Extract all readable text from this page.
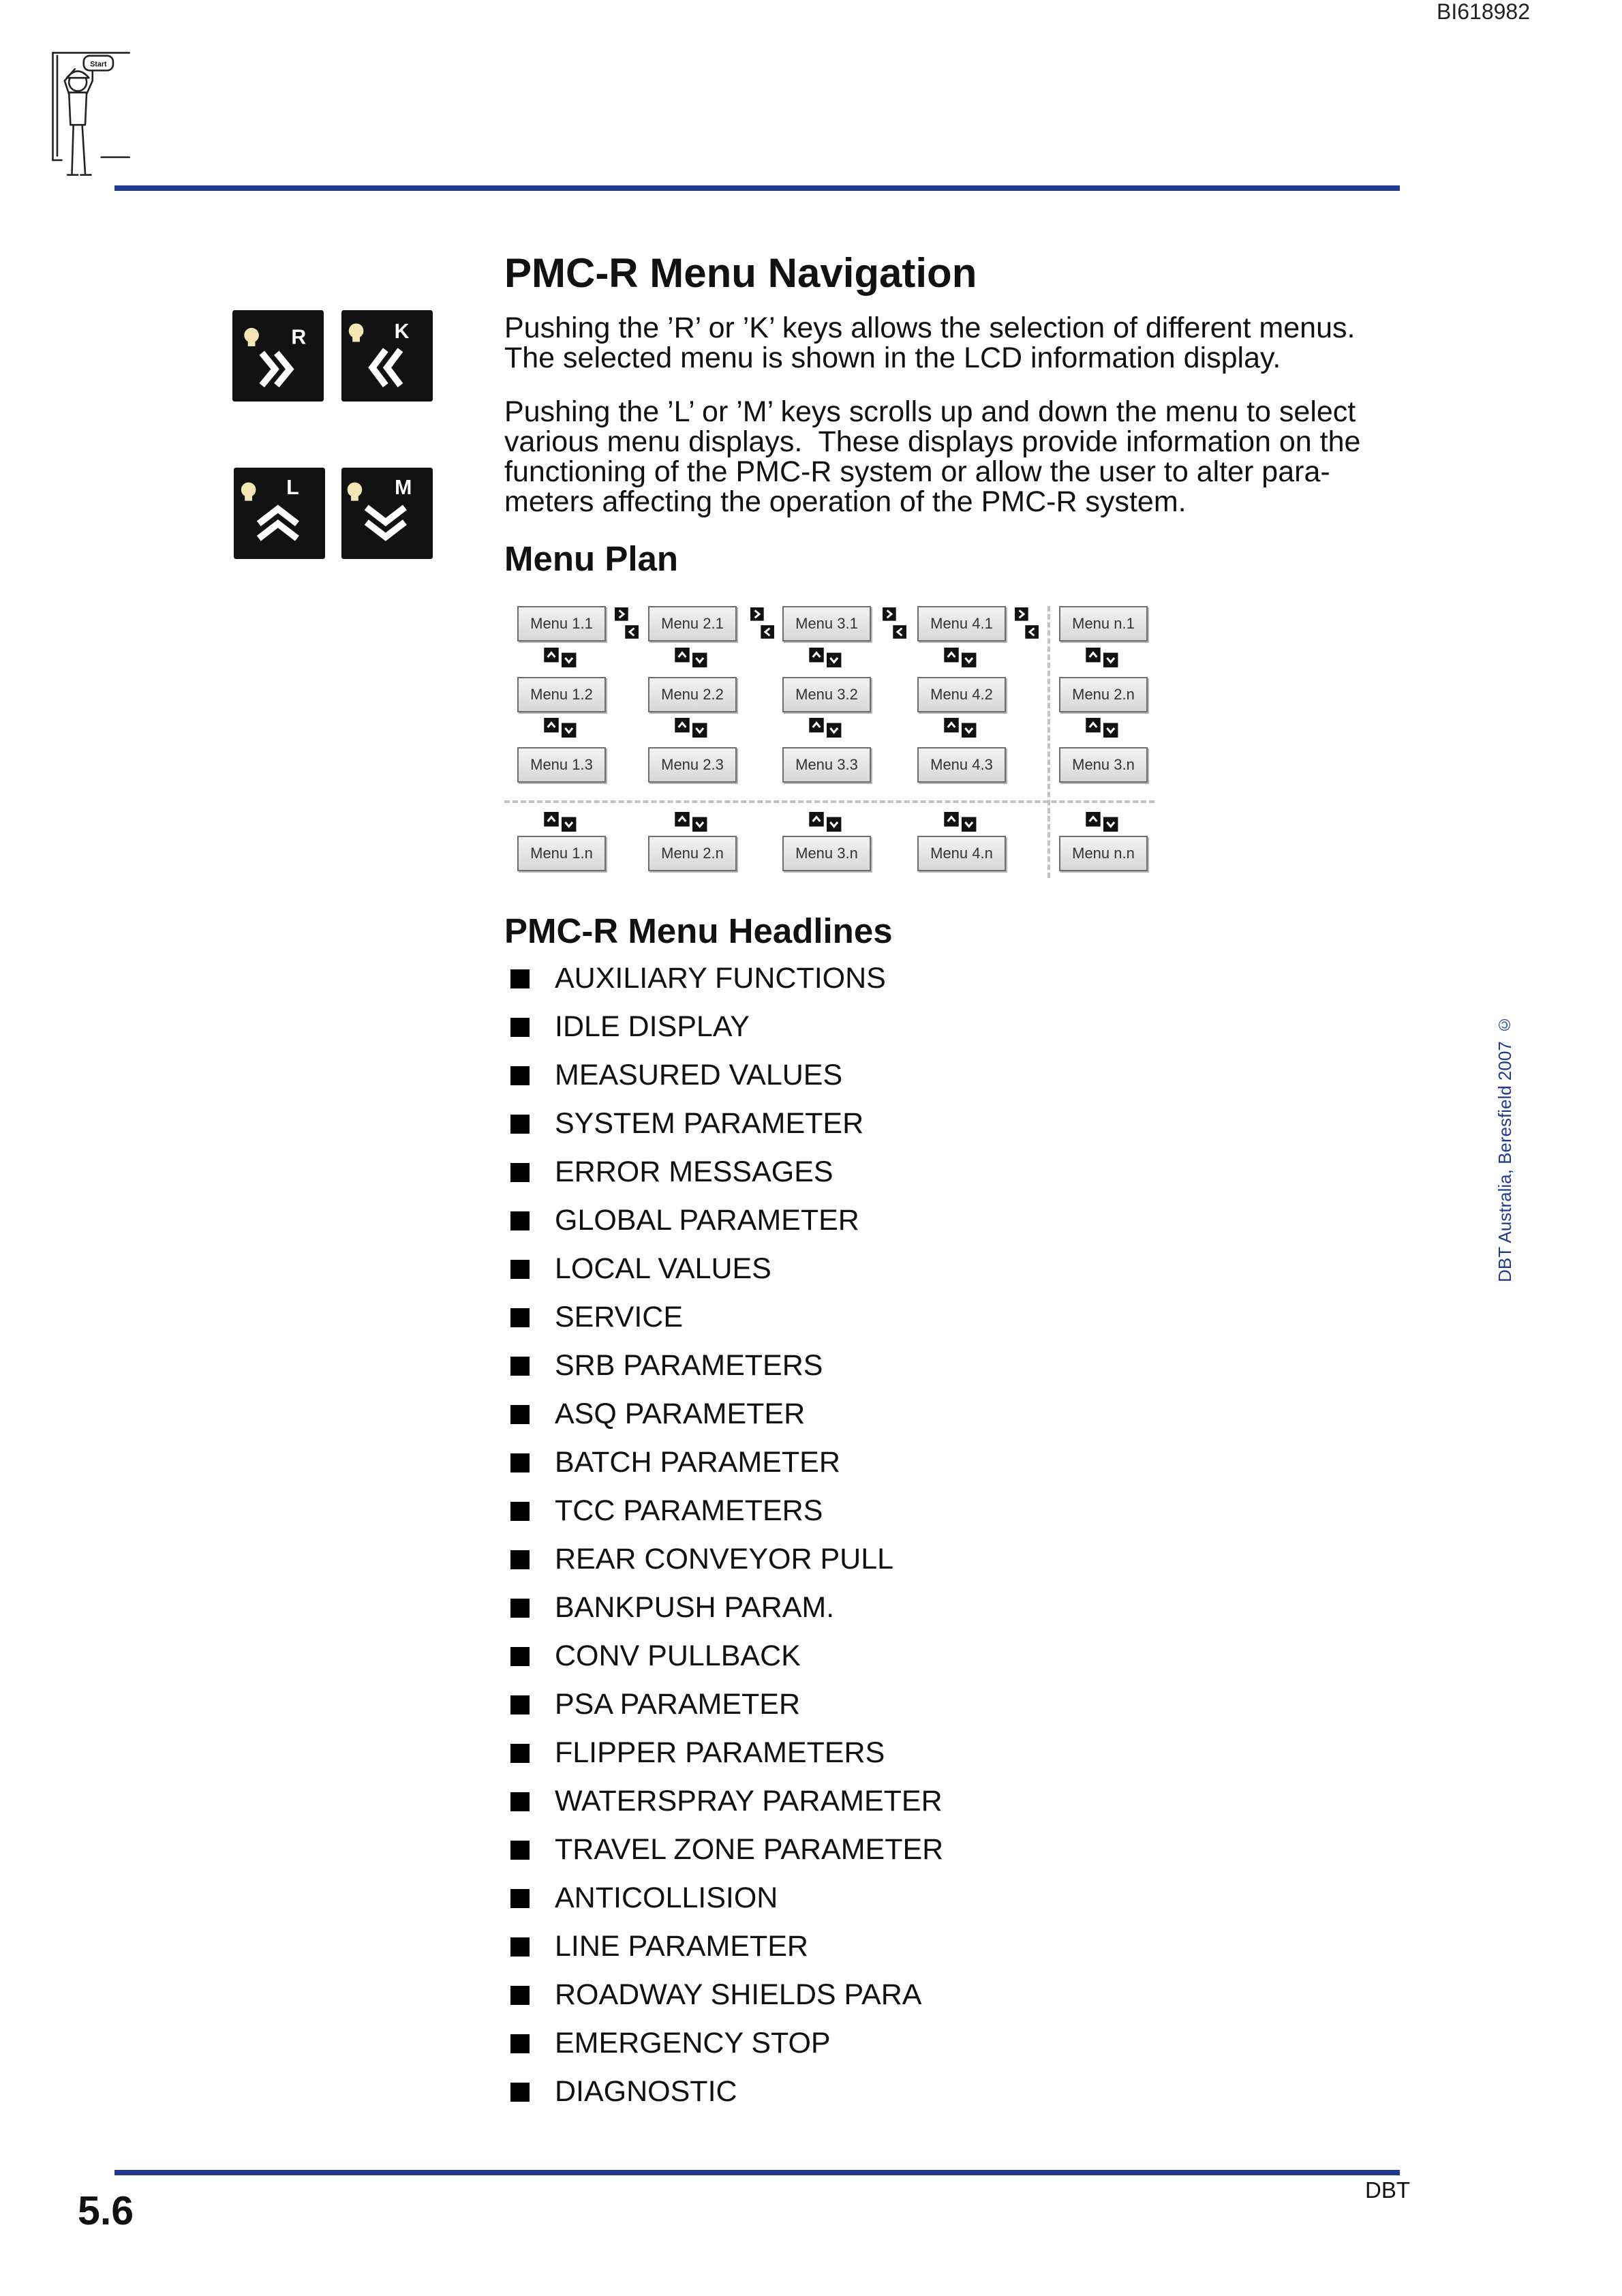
BI618982
Start
PMC-R Menu Navigation
R	K
L	M
Pushing the ’R’ or ’K’ keys allows the selection of different menus.
The selected menu is shown in the LCD information display.
Pushing the ’L’ or ’M’ keys scrolls up and down the menu to select
various menu displays.  These displays provide information on the
functioning of the PMC-R system or allow the user to alter para-
meters affecting the operation of the PMC-R system.
Menu Plan
Menu 1.1	Menu 2.1	Menu 3.1	Menu 4.1	Menu n.1
Menu 1.2	Menu 2.2	Menu 3.2	Menu 4.2	Menu 2.n
Menu 1.3	Menu 2.3	Menu 3.3	Menu 4.3	Menu 3.n
Menu 1.n	Menu 2.n	Menu 3.n	Menu 4.n	Menu n.n
PMC-R Menu Headlines
AUXILIARY FUNCTIONS
IDLE DISPLAY
MEASURED VALUES
SYSTEM PARAMETER
ERROR MESSAGES
GLOBAL PARAMETER
LOCAL VALUES
SERVICE
SRB PARAMETERS
ASQ PARAMETER
BATCH PARAMETER
TCC PARAMETERS
REAR CONVEYOR PULL
BANKPUSH PARAM.
CONV PULLBACK
PSA PARAMETER
FLIPPER PARAMETERS
WATERSPRAY PARAMETER
TRAVEL ZONE PARAMETER
ANTICOLLISION
LINE PARAMETER
ROADWAY SHIELDS PARA
EMERGENCY STOP
DIAGNOSTIC
DBT Australia, Beresfield 2007 ©
DBT
5.6
